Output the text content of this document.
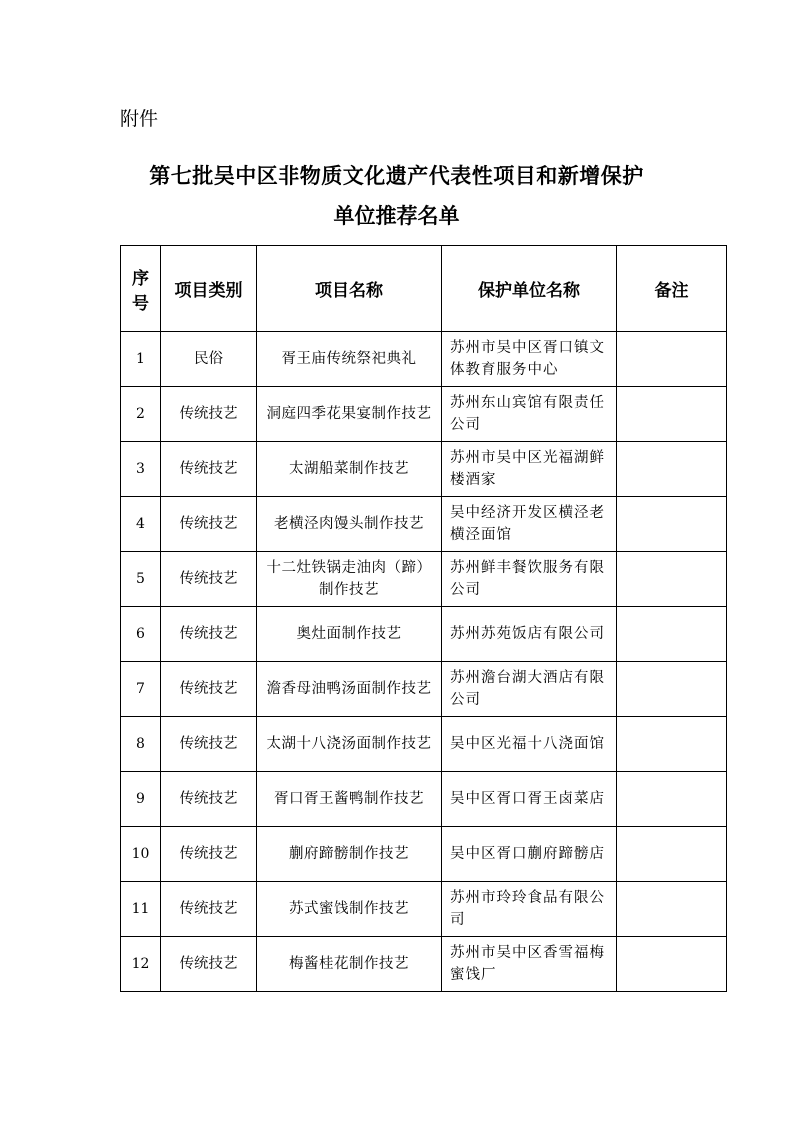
附件
第七批吴中区非物质文化遗产代表性项目和新增保护
单位推荐名单
序号	项目类别	项目名称	保护单位名称	备注
1	民俗	胥王庙传统祭祀典礼	苏州市吴中区胥口镇文体教育服务中心	
2	传统技艺	洞庭四季花果宴制作技艺	苏州东山宾馆有限责任公司	
3	传统技艺	太湖船菜制作技艺	苏州市吴中区光福湖鲜楼酒家	
4	传统技艺	老横泾肉馒头制作技艺	吴中经济开发区横泾老横泾面馆	
5	传统技艺	十二灶铁锅走油肉（蹄）制作技艺	苏州鲜丰餐饮服务有限公司	
6	传统技艺	奥灶面制作技艺	苏州苏苑饭店有限公司	
7	传统技艺	澹香母油鸭汤面制作技艺	苏州澹台湖大酒店有限公司	
8	传统技艺	太湖十八浇汤面制作技艺	吴中区光福十八浇面馆	
9	传统技艺	胥口胥王酱鸭制作技艺	吴中区胥口胥王卤菜店	
10	传统技艺	蒯府蹄髈制作技艺	吴中区胥口蒯府蹄髈店	
11	传统技艺	苏式蜜饯制作技艺	苏州市玲玲食品有限公司	
12	传统技艺	梅酱桂花制作技艺	苏州市吴中区香雪福梅蜜饯厂	
